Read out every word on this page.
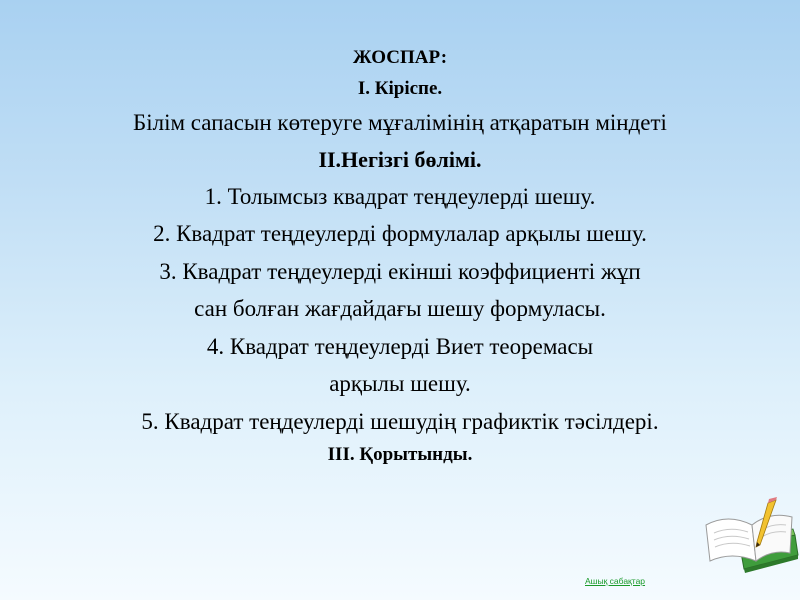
ЖОСПАР:
І. Кіріспе.
Білім сапасын көтеруге мұғалімінің атқаратын міндеті
ІІ.Негізгі бөлімі.
1. Толымсыз квадрат теңдеулерді шешу.
2. Квадрат теңдеулерді формулалар арқылы шешу.
3. Квадрат теңдеулерді екінші коэффициенті жұп
сан болған жағдайдағы шешу формуласы.
4. Квадрат теңдеулерді Виет теоремасы
арқылы шешу.
5. Квадрат теңдеулерді шешудің графиктік тәсілдері.
ІІІ. Қорытынды.
Ашық сабақтар
